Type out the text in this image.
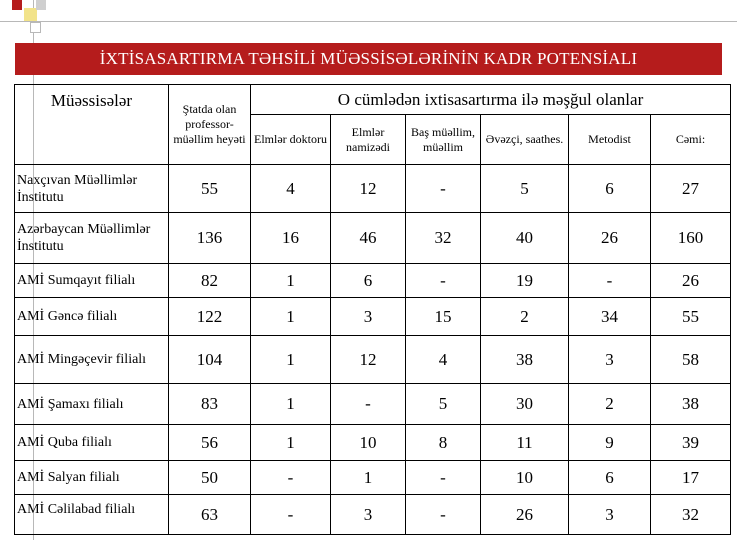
İXTİSASARTIRMA TƏHSİLİ MÜƏSSİSƏLƏRİNİN KADR POTENSİALI
Müəssisələr	Ştatda olan professor-müəllim heyəti	O cümlədən ixtisasartırma ilə məşğul olanlar					
		Elmlər doktoru	Elmlər namizədi	Baş müəllim, müəllim	Əvəzçi, saathes.	Metodist	Cəmi:
Naxçıvan Müəllimlər İnstitutu	55	4	12	-	5	6	27
Azərbaycan Müəllimlər İnstitutu	136	16	46	32	40	26	160
AMİ Sumqayıt filialı	82	1	6	-	19	-	26
AMİ Gəncə filialı	122	1	3	15	2	34	55
AMİ Mingəçevir filialı	104	1	12	4	38	3	58
AMİ Şamaxı filialı	83	1	-	5	30	2	38
AMİ Quba filialı	56	1	10	8	11	9	39
AMİ Salyan filialı	50	-	1	-	10	6	17
AMİ Cəlilabad filialı	63	-	3	-	26	3	32
